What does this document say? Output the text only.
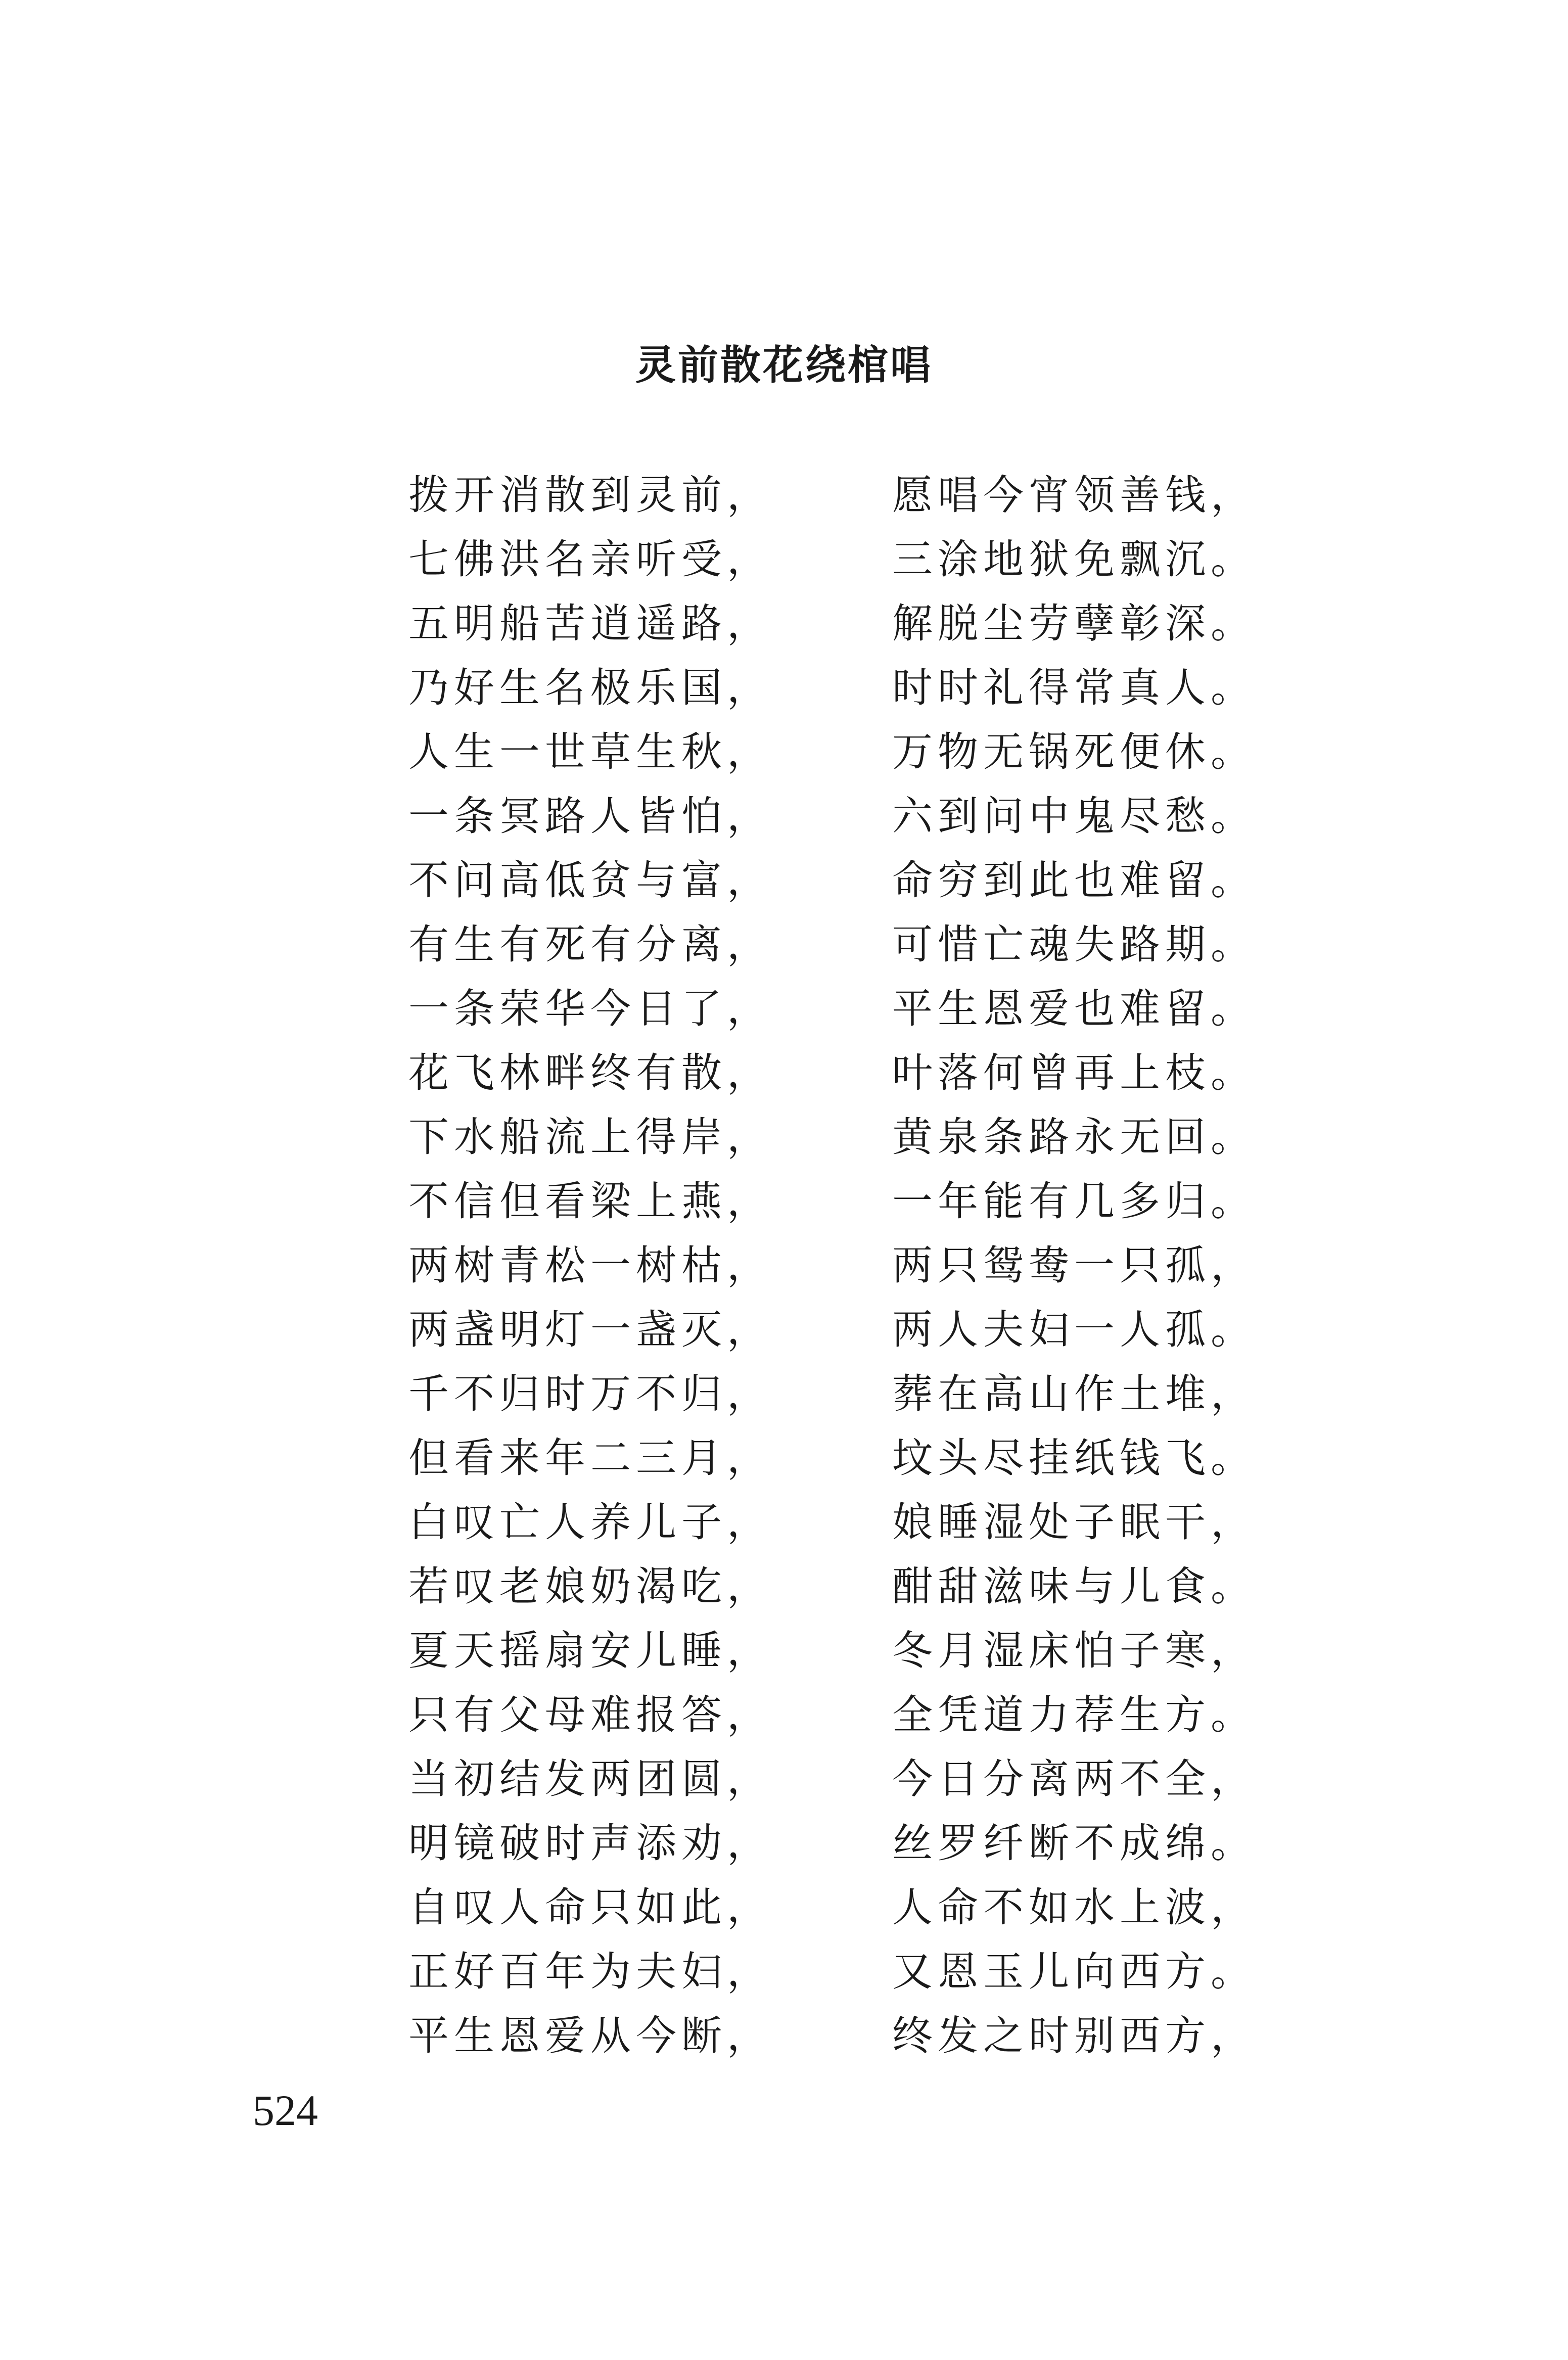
灵前散花绕棺唱
拨开消散到灵前，	愿唱今宵领善钱，
七佛洪名亲听受，	三涂地狱免飘沉。
五明船苦逍遥路，	解脱尘劳孽彰深。
乃好生名极乐国，	时时礼得常真人。
人生一世草生秋，	万物无锅死便休。
一条冥路人皆怕，	六到问中鬼尽愁。
不问高低贫与富，	命穷到此也难留。
有生有死有分离，	可惜亡魂失路期。
一条荣华今日了，	平生恩爱也难留。
花飞林畔终有散，	叶落何曾再上枝。
下水船流上得岸，	黄泉条路永无回。
不信但看梁上燕，	一年能有几多归。
两树青松一树枯，	两只鸳鸯一只孤，
两盏明灯一盏灭，	两人夫妇一人孤。
千不归时万不归，	葬在高山作土堆，
但看来年二三月，	坟头尽挂纸钱飞。
白叹亡人养儿子，	娘睡湿处子眠干，
若叹老娘奶渴吃，	酣甜滋味与儿食。
夏天摇扇安儿睡，	冬月湿床怕子寒，
只有父母难报答，	全凭道力荐生方。
当初结发两团圆，	今日分离两不全，
明镜破时声添劝，	丝罗纤断不成绵。
自叹人命只如此，	人命不如水上波，
正好百年为夫妇，	又恩玉儿向西方。
平生恩爱从今断，	终发之时别西方，
524
